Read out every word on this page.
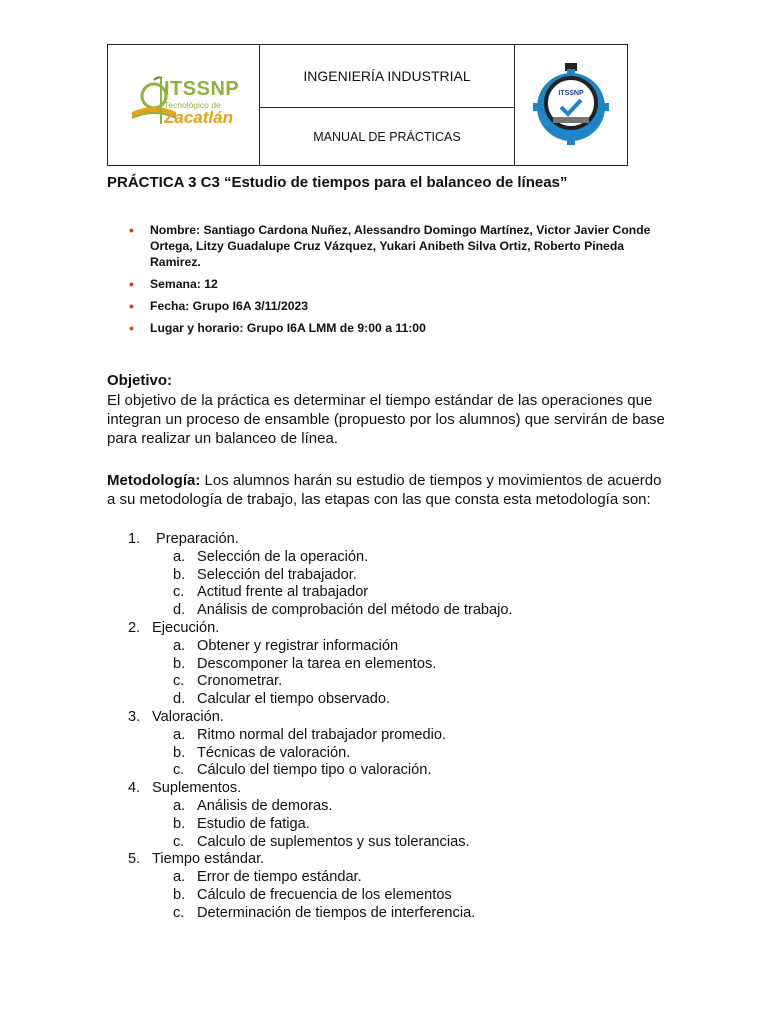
ITSSNP
Tecnológico de
Zacatlán
	INGENIERÍA INDUSTRIAL	
ITSSNP

MANUAL DE PRÁCTICAS
PRÁCTICA 3 C3 “Estudio de tiempos para el balanceo de líneas”
• Nombre: Santiago Cardona Nuñez, Alessandro Domingo Martínez, Victor Javier Conde Ortega, Litzy Guadalupe Cruz Vázquez, Yukari Anibeth Silva Ortiz, Roberto Pineda Ramirez.
• Semana: 12
• Fecha: Grupo I6A 3/11/2023
• Lugar y horario: Grupo I6A LMM de 9:00 a 11:00
Objetivo:
El objetivo de la práctica es determinar el tiempo estándar de las operaciones que integran un proceso de ensamble (propuesto por los alumnos) que servirán de base para realizar un balanceo de línea.
Metodología: Los alumnos harán su estudio de tiempos y movimientos de acuerdo a su metodología de trabajo, las etapas con las que consta esta metodología son:
1. Preparación.
a. Selección de la operación.
b. Selección del trabajador.
c. Actitud frente al trabajador
d. Análisis de comprobación del método de trabajo.
2. Ejecución.
a. Obtener y registrar información
b. Descomponer la tarea en elementos.
c. Cronometrar.
d. Calcular el tiempo observado.
3. Valoración.
a. Ritmo normal del trabajador promedio.
b. Técnicas de valoración.
c. Cálculo del tiempo tipo o valoración.
4. Suplementos.
a. Análisis de demoras.
b. Estudio de fatiga.
c. Calculo de suplementos y sus tolerancias.
5. Tiempo estándar.
a. Error de tiempo estándar.
b. Cálculo de frecuencia de los elementos
c. Determinación de tiempos de interferencia.
